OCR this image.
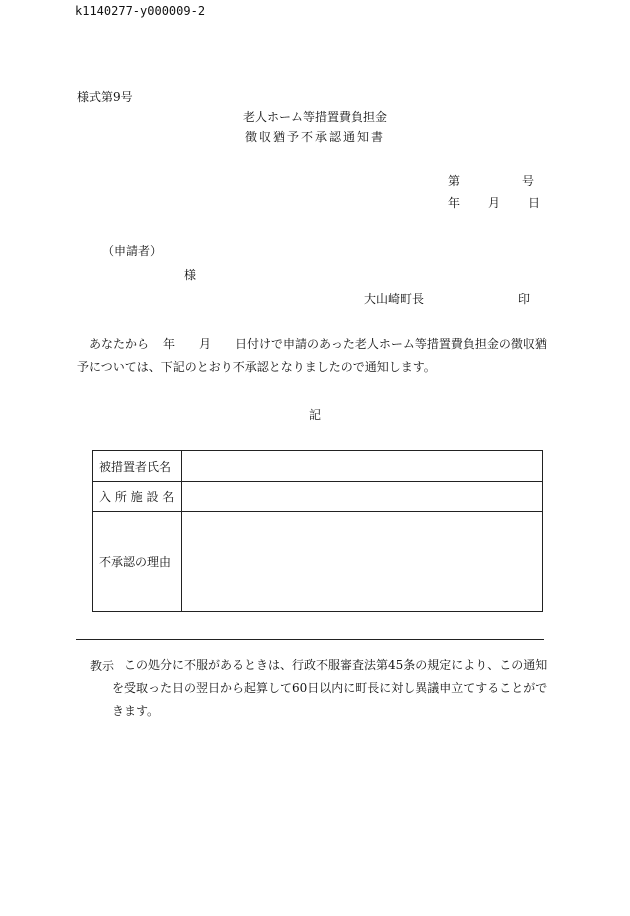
k1140277-y000009-2
様式第9号
老人ホーム等措置費負担金
徴収猶予不承認通知書
第	号
年 月 日
（申請者）
様
大山崎町長	印
あなたから 年 月 日付けで申請のあった老人ホーム等措置費負担金の徴収猶予については、下記のとおり不承認となりましたので通知します。
記
被措置者氏名	
入 所 施 設 名	
不承認の理由	
教示 この処分に不服があるときは、行政不服審査法第45条の規定により、この通知を受取った日の翌日から起算して60日以内に町長に対し異議申立てすることができます。
